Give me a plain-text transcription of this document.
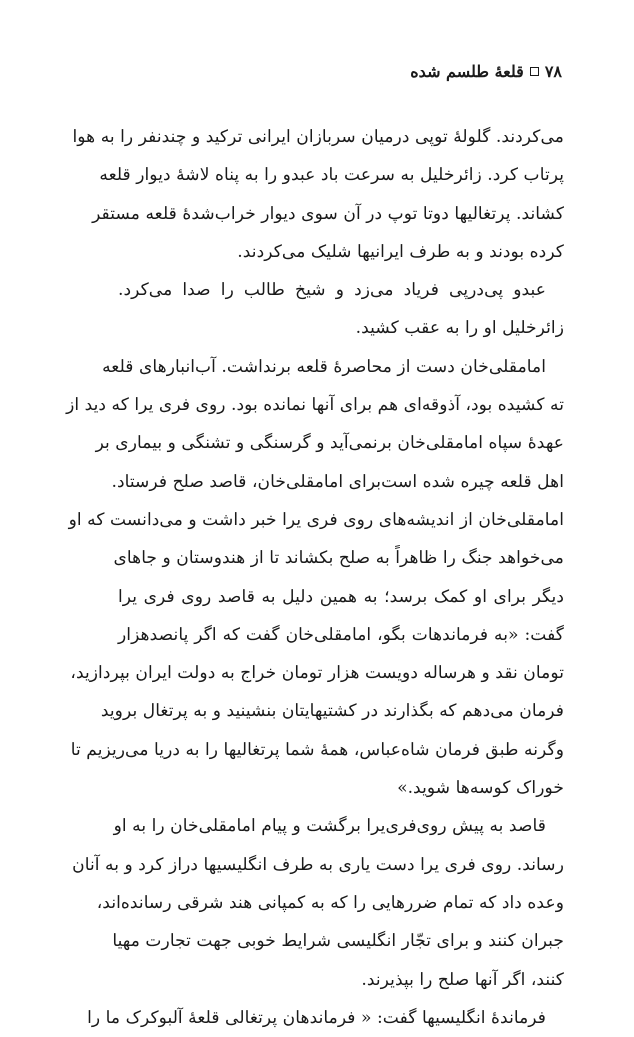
۷۸
قلعهٔ طلسم شده
می‌کردند. گلولهٔ توپی درمیان سربازان ایرانی ترکید و چندنفر را به هوا
پرتاب کرد. زائرخلیل به سرعت باد عبدو را به پناه لاشهٔ دیوار قلعه
کشاند. پرتغالیها دوتا توپ در آن سوی دیوار خراب‌شدهٔ قلعه مستقر
کرده بودند و به طرف ایرانیها شلیک می‌کردند.
عبدو پی‌درپی فریاد می‌زد و شیخ طالب را صدا می‌کرد.
زائرخلیل او را به عقب کشید.
امامقلی‌خان دست از محاصرهٔ قلعه برنداشت. آب‌انبارهای قلعه
ته کشیده بود، آذوقه‌ای هم برای آنها نمانده بود. روی فری یرا که دید از
عهدهٔ سپاه امامقلی‌خان برنمی‌آید و گرسنگی و تشنگی و بیماری بر
اهل قلعه چیره شده است‌برای امامقلی‌خان، قاصد صلح فرستاد.
امامقلی‌خان از اندیشه‌های روی فری یرا خبر داشت و می‌دانست که او
می‌خواهد جنگ را ظاهراً به صلح بکشاند تا از هندوستان و جاهای
دیگر برای او کمک برسد؛ به همین دلیل به قاصد روی فری یرا
گفت: «به فرماندهات بگو، امامقلی‌خان گفت که اگر پانصدهزار
تومان نقد و هرساله دویست هزار تومان خراج به دولت ایران بپردازید،
فرمان می‌دهم که بگذارند در کشتیهایتان بنشینید و به پرتغال بروید
وگرنه طبق فرمان شاه‌عباس، همهٔ شما پرتغالیها را به دریا می‌ریزیم تا
خوراک کوسه‌ها شوید.»
قاصد به پیش روی‌فری‌یرا برگشت و پیام امامقلی‌خان را به او
رساند. روی فری یرا دست یاری به طرف انگلیسیها دراز کرد و به آنان
وعده داد که تمام ضررهایی را که به کمپانی هند شرقی رسانده‌اند،
جبران کنند و برای تجّار انگلیسی شرایط خوبی جهت تجارت مهیا
کنند، اگر آنها صلح را بپذیرند.
فرماندهٔ انگلیسیها گفت: « فرماندهان پرتغالی قلعهٔ آلبوکرک ما را
